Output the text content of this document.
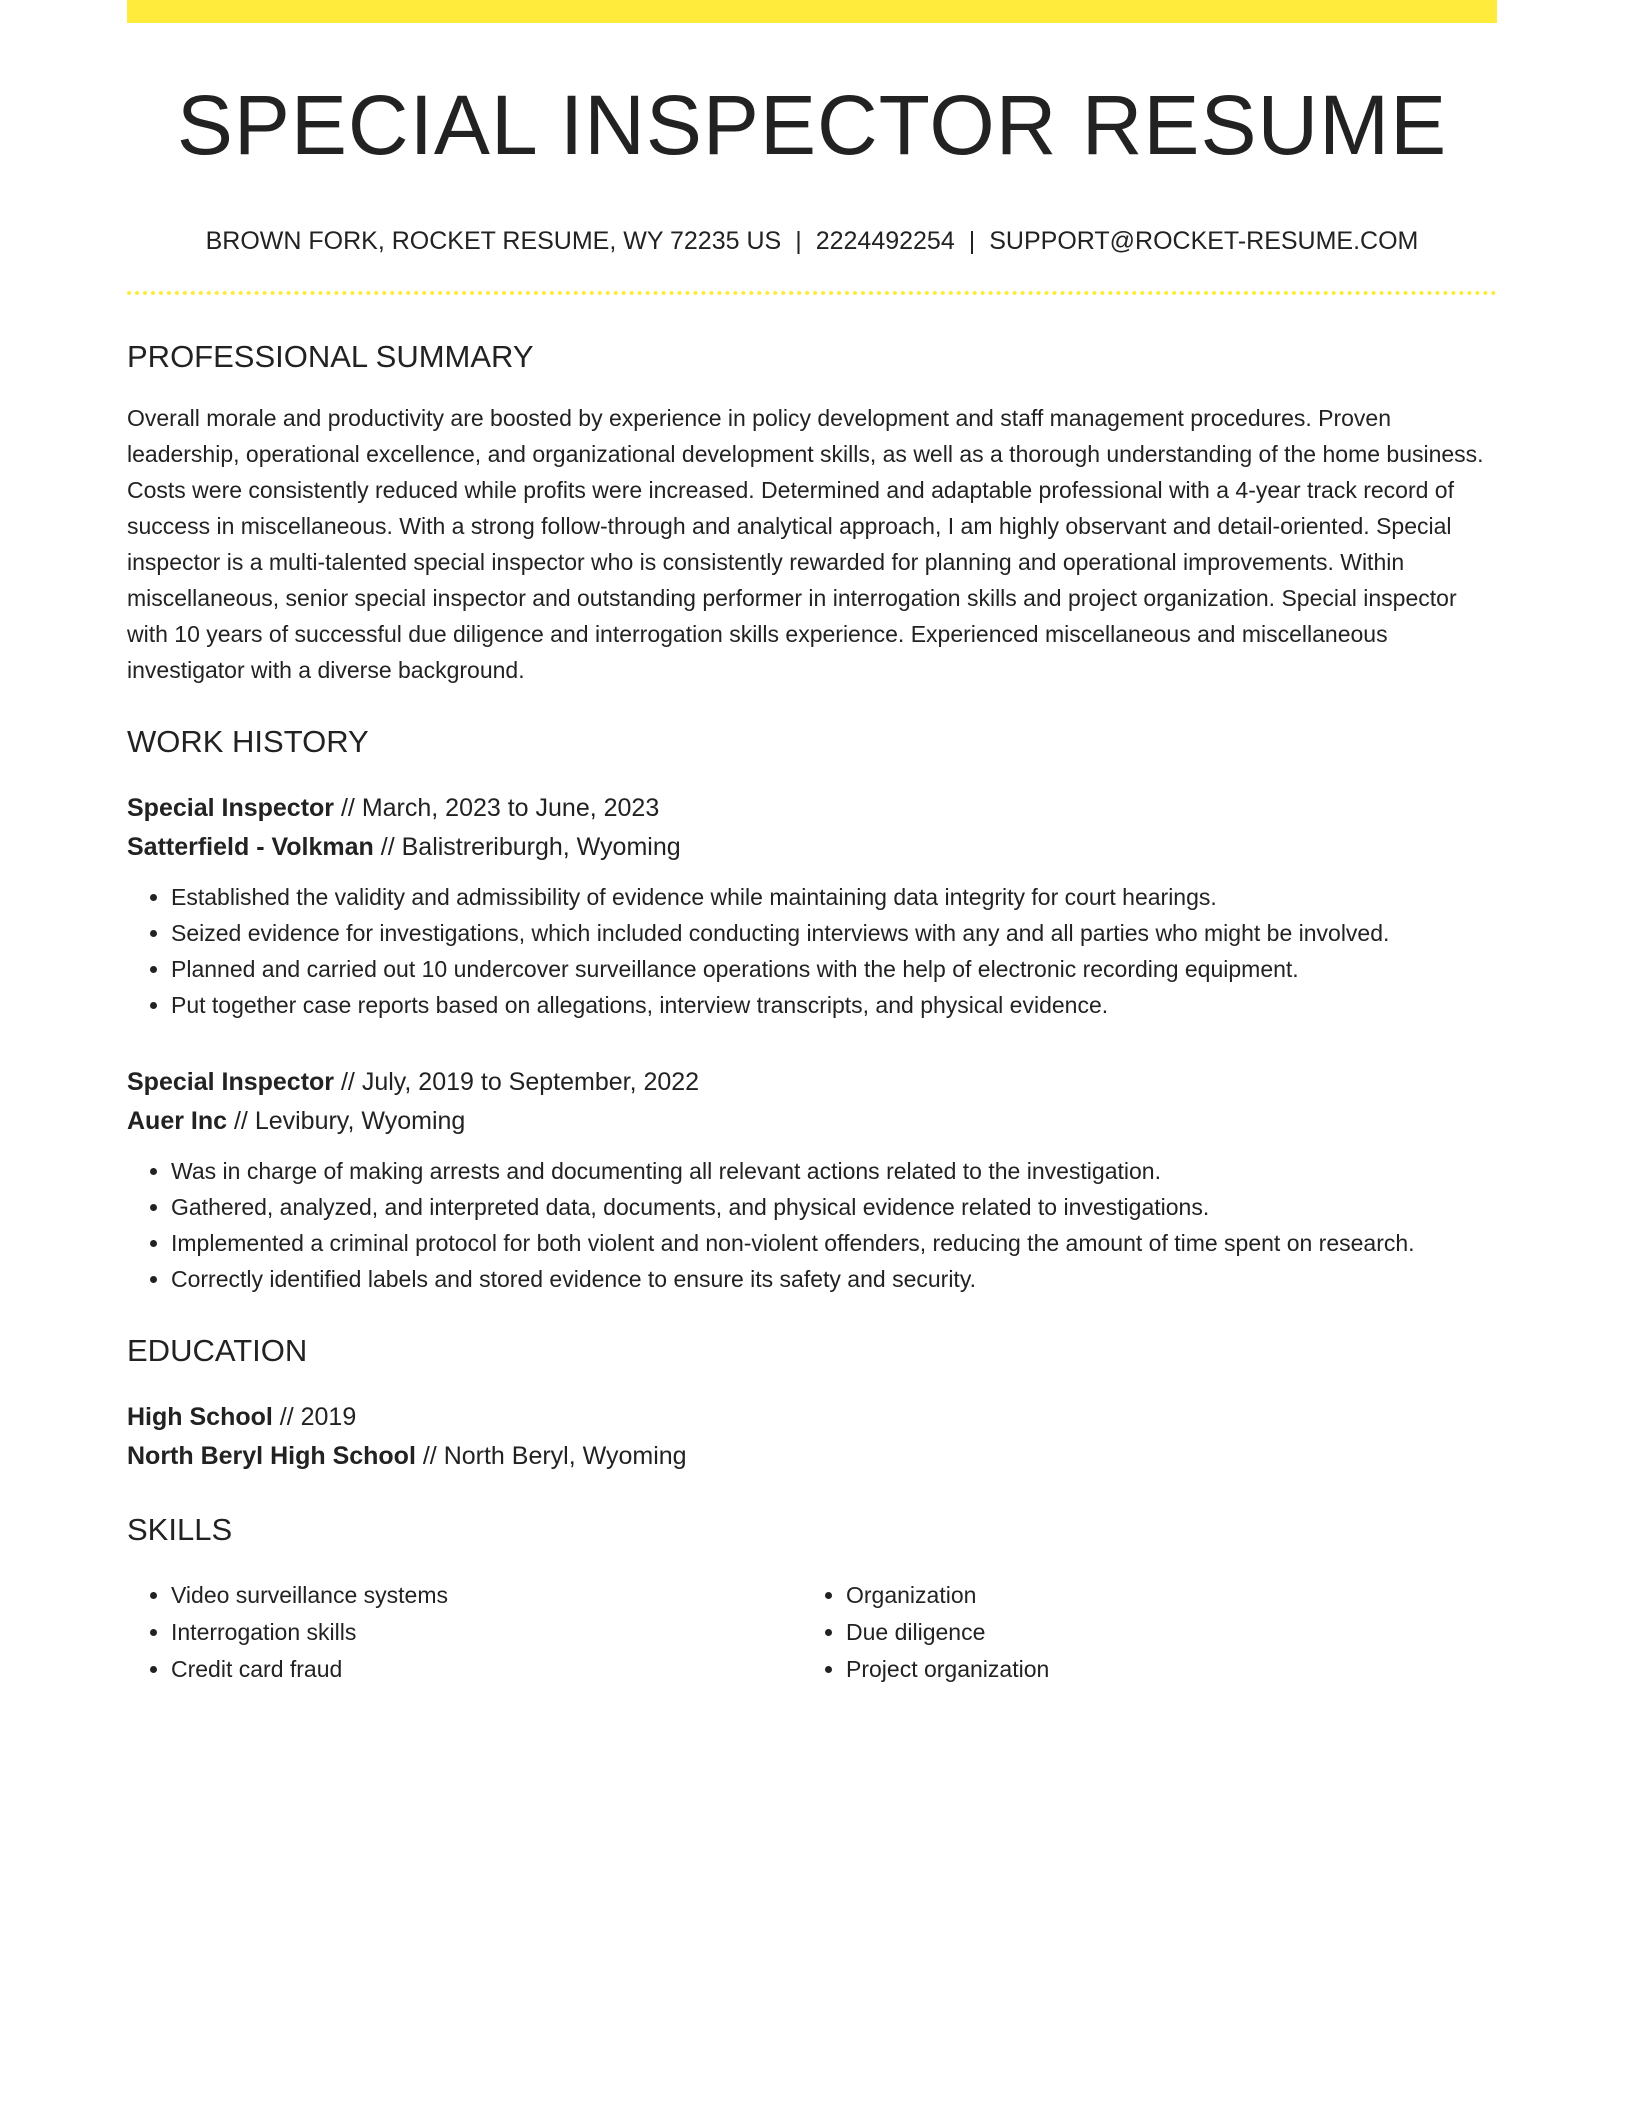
SPECIAL INSPECTOR RESUME
BROWN FORK, ROCKET RESUME, WY 72235 US | 2224492254 | SUPPORT@ROCKET-RESUME.COM
PROFESSIONAL SUMMARY
Overall morale and productivity are boosted by experience in policy development and staff management procedures. Proven leadership, operational excellence, and organizational development skills, as well as a thorough understanding of the home business. Costs were consistently reduced while profits were increased. Determined and adaptable professional with a 4-year track record of success in miscellaneous. With a strong follow-through and analytical approach, I am highly observant and detail-oriented. Special inspector is a multi-talented special inspector who is consistently rewarded for planning and operational improvements. Within miscellaneous, senior special inspector and outstanding performer in interrogation skills and project organization. Special inspector with 10 years of successful due diligence and interrogation skills experience. Experienced miscellaneous and miscellaneous investigator with a diverse background.
WORK HISTORY
Special Inspector // March, 2023 to June, 2023
Satterfield - Volkman // Balistreriburgh, Wyoming
• Established the validity and admissibility of evidence while maintaining data integrity for court hearings.
• Seized evidence for investigations, which included conducting interviews with any and all parties who might be involved.
• Planned and carried out 10 undercover surveillance operations with the help of electronic recording equipment.
• Put together case reports based on allegations, interview transcripts, and physical evidence.
Special Inspector // July, 2019 to September, 2022
Auer Inc // Levibury, Wyoming
• Was in charge of making arrests and documenting all relevant actions related to the investigation.
• Gathered, analyzed, and interpreted data, documents, and physical evidence related to investigations.
• Implemented a criminal protocol for both violent and non-violent offenders, reducing the amount of time spent on research.
• Correctly identified labels and stored evidence to ensure its safety and security.
EDUCATION
High School // 2019
North Beryl High School // North Beryl, Wyoming
SKILLS
• Video surveillance systems
• Interrogation skills
• Credit card fraud
• Organization
• Due diligence
• Project organization
